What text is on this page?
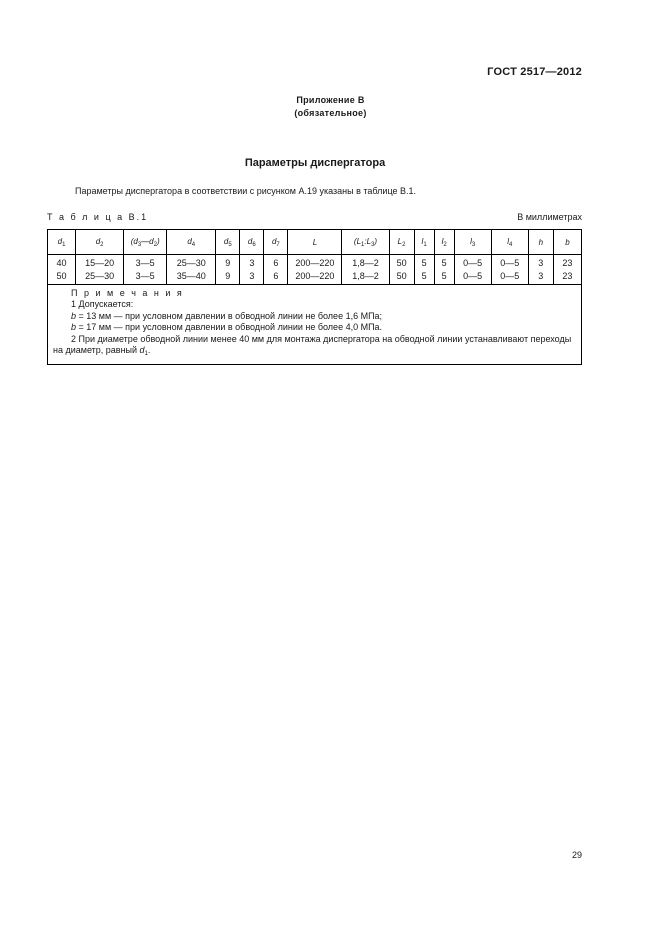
ГОСТ 2517—2012
Приложение В
(обязательное)
Параметры диспергатора
Параметры диспергатора в соответствии с рисунком А.19 указаны в таблице В.1.
Т а б л и ц а В.1	В миллиметрах
$d_1$	$d_2$	$(d_3—d_2)$	$d_4$	$d_5$	$d_6$	$d_7$	L	$(L_1:L_3)$	$L_2$	$l_1$	$l_2$	$l_3$	$l_4$	h	b
40	15—20	3—5	25—30	9	3	6	200—220	1,8—2	50	5	5	0—5	0—5	3	23
50	25—30	3—5	35—40	9	3	6	200—220	1,8—2	50	5	5	0—5	0—5	3	23

П р и м е ч а н и я
1 Допускается:
b = 13 мм — при условном давлении в обводной линии не более 1,6 МПа;
b = 17 мм — при условном давлении в обводной линии не более 4,0 МПа.
2 При диаметре обводной линии менее 40 мм для монтажа диспергатора на обводной линии устанавливают переходы на диаметр, равный $d_1$.															
29
